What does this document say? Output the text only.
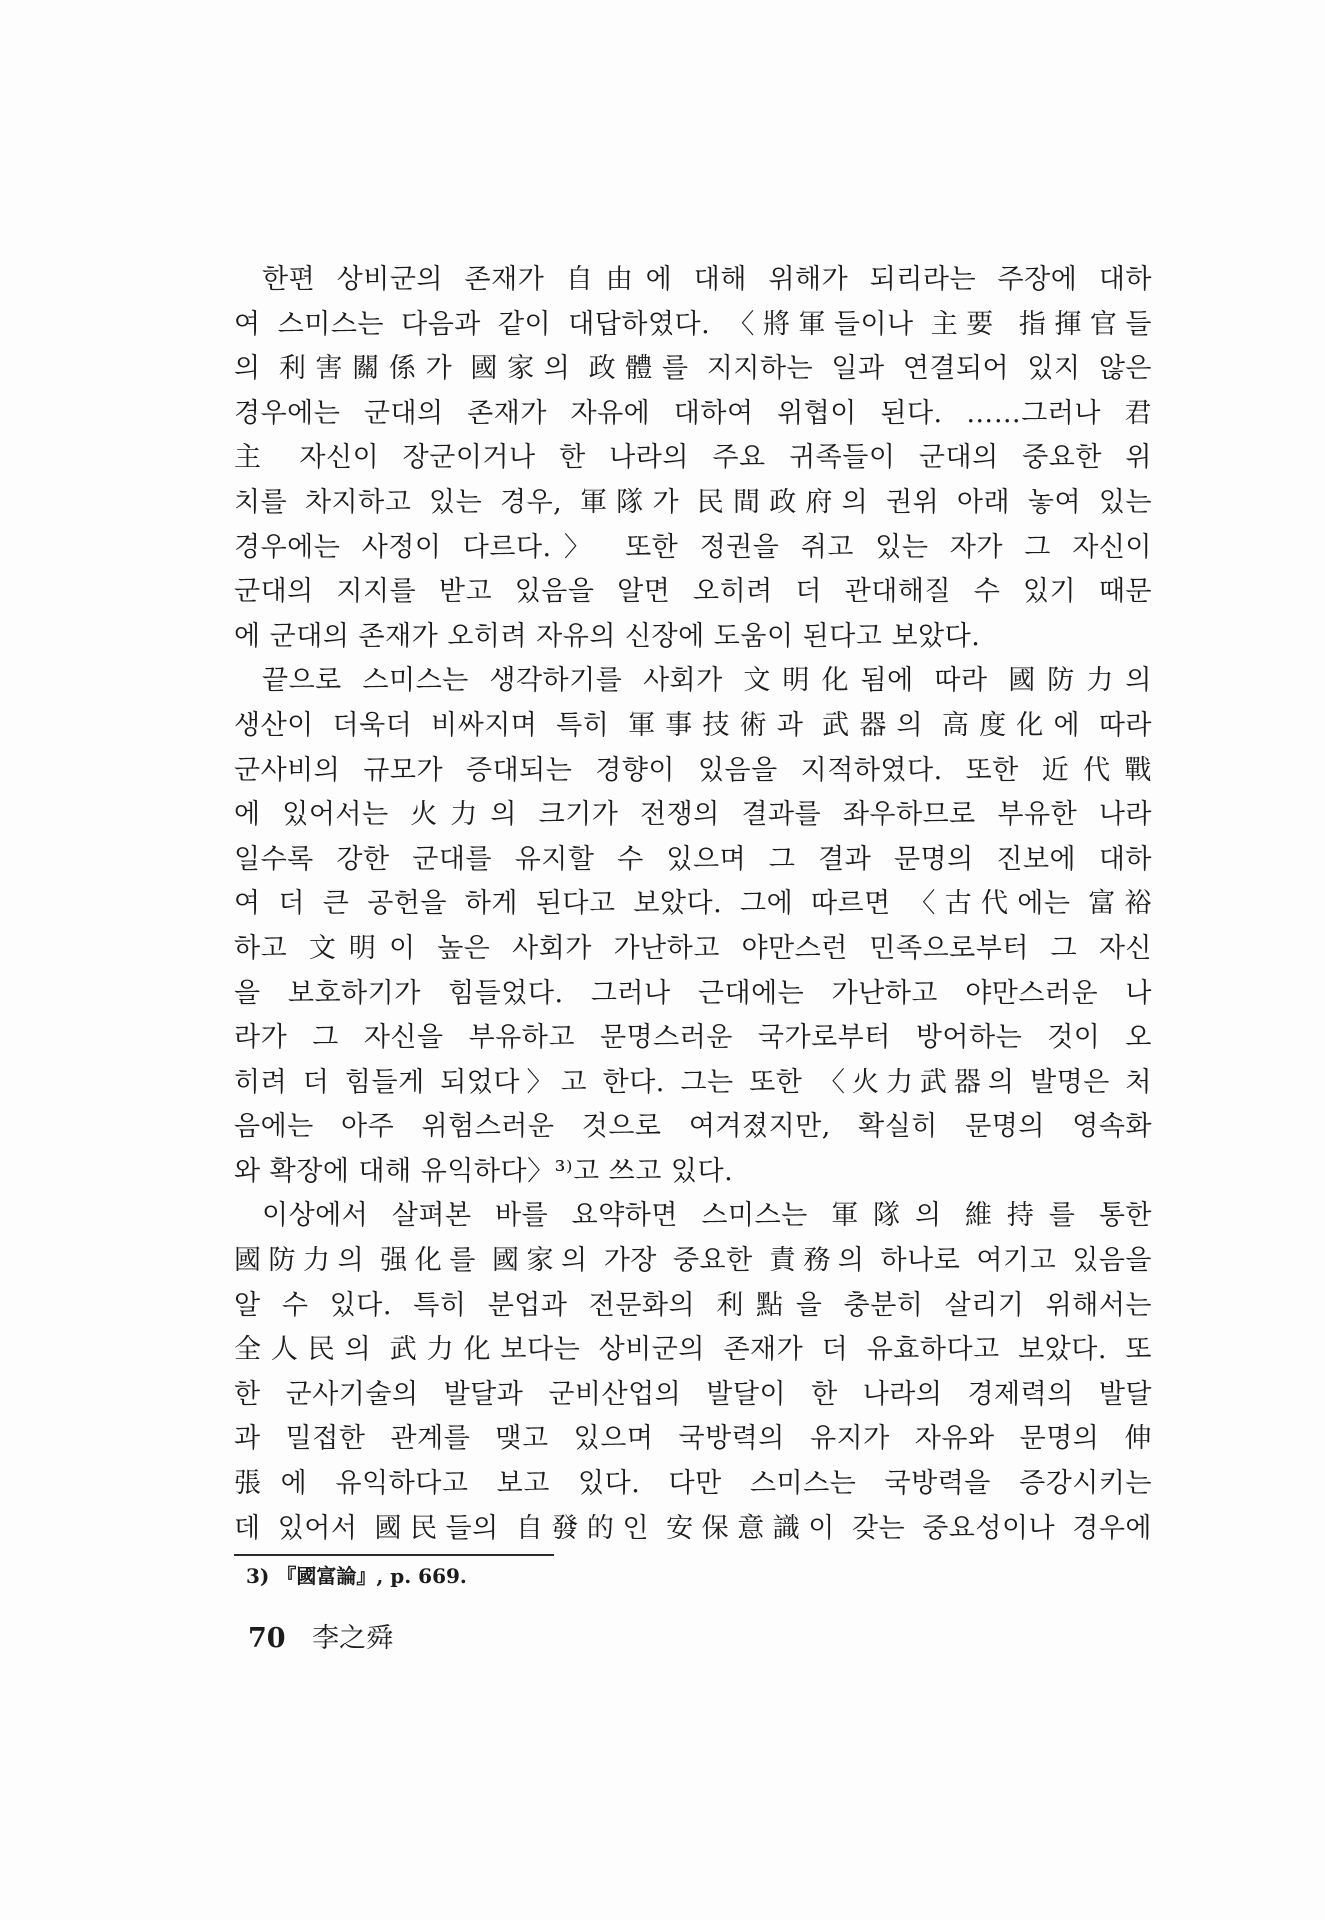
한편 상비군의 존재가 自由에 대해 위해가 되리라는 주장에 대하
여 스미스는 다음과 같이 대답하였다. 〈將軍들이나 主要 指揮官들
의 利害關係가 國家의 政體를 지지하는 일과 연결되어 있지 않은
경우에는 군대의 존재가 자유에 대하여 위협이 된다. ……그러나 君
主 자신이 장군이거나 한 나라의 주요 귀족들이 군대의 중요한 위
치를 차지하고 있는 경우, 軍隊가 民間政府의 권위 아래 놓여 있는
경우에는 사정이 다르다.〉 또한 정권을 쥐고 있는 자가 그 자신이
군대의 지지를 받고 있음을 알면 오히려 더 관대해질 수 있기 때문
에 군대의 존재가 오히려 자유의 신장에 도움이 된다고 보았다.
끝으로 스미스는 생각하기를 사회가 文明化됨에 따라 國防力의
생산이 더욱더 비싸지며 특히 軍事技術과 武器의 高度化에 따라
군사비의 규모가 증대되는 경향이 있음을 지적하였다. 또한 近代戰
에 있어서는 火力의 크기가 전쟁의 결과를 좌우하므로 부유한 나라
일수록 강한 군대를 유지할 수 있으며 그 결과 문명의 진보에 대하
여 더 큰 공헌을 하게 된다고 보았다. 그에 따르면 〈古代에는 富裕
하고 文明이 높은 사회가 가난하고 야만스런 민족으로부터 그 자신
을 보호하기가 힘들었다. 그러나 근대에는 가난하고 야만스러운 나
라가 그 자신을 부유하고 문명스러운 국가로부터 방어하는 것이 오
히려 더 힘들게 되었다〉고 한다. 그는 또한 〈火力武器의 발명은 처
음에는 아주 위험스러운 것으로 여겨졌지만, 확실히 문명의 영속화
와 확장에 대해 유익하다〉³⁾고 쓰고 있다.
이상에서 살펴본 바를 요약하면 스미스는 軍隊의 維持를 통한
國防力의 强化를 國家의 가장 중요한 責務의 하나로 여기고 있음을
알 수 있다. 특히 분업과 전문화의 利點을 충분히 살리기 위해서는
全人民의 武力化보다는 상비군의 존재가 더 유효하다고 보았다. 또
한 군사기술의 발달과 군비산업의 발달이 한 나라의 경제력의 발달
과 밀접한 관계를 맺고 있으며 국방력의 유지가 자유와 문명의 伸
張에 유익하다고 보고 있다. 다만 스미스는 국방력을 증강시키는
데 있어서 國民들의 自發的인 安保意識이 갖는 중요성이나 경우에
3) 『國富論』, p. 669.
70 李之舜
